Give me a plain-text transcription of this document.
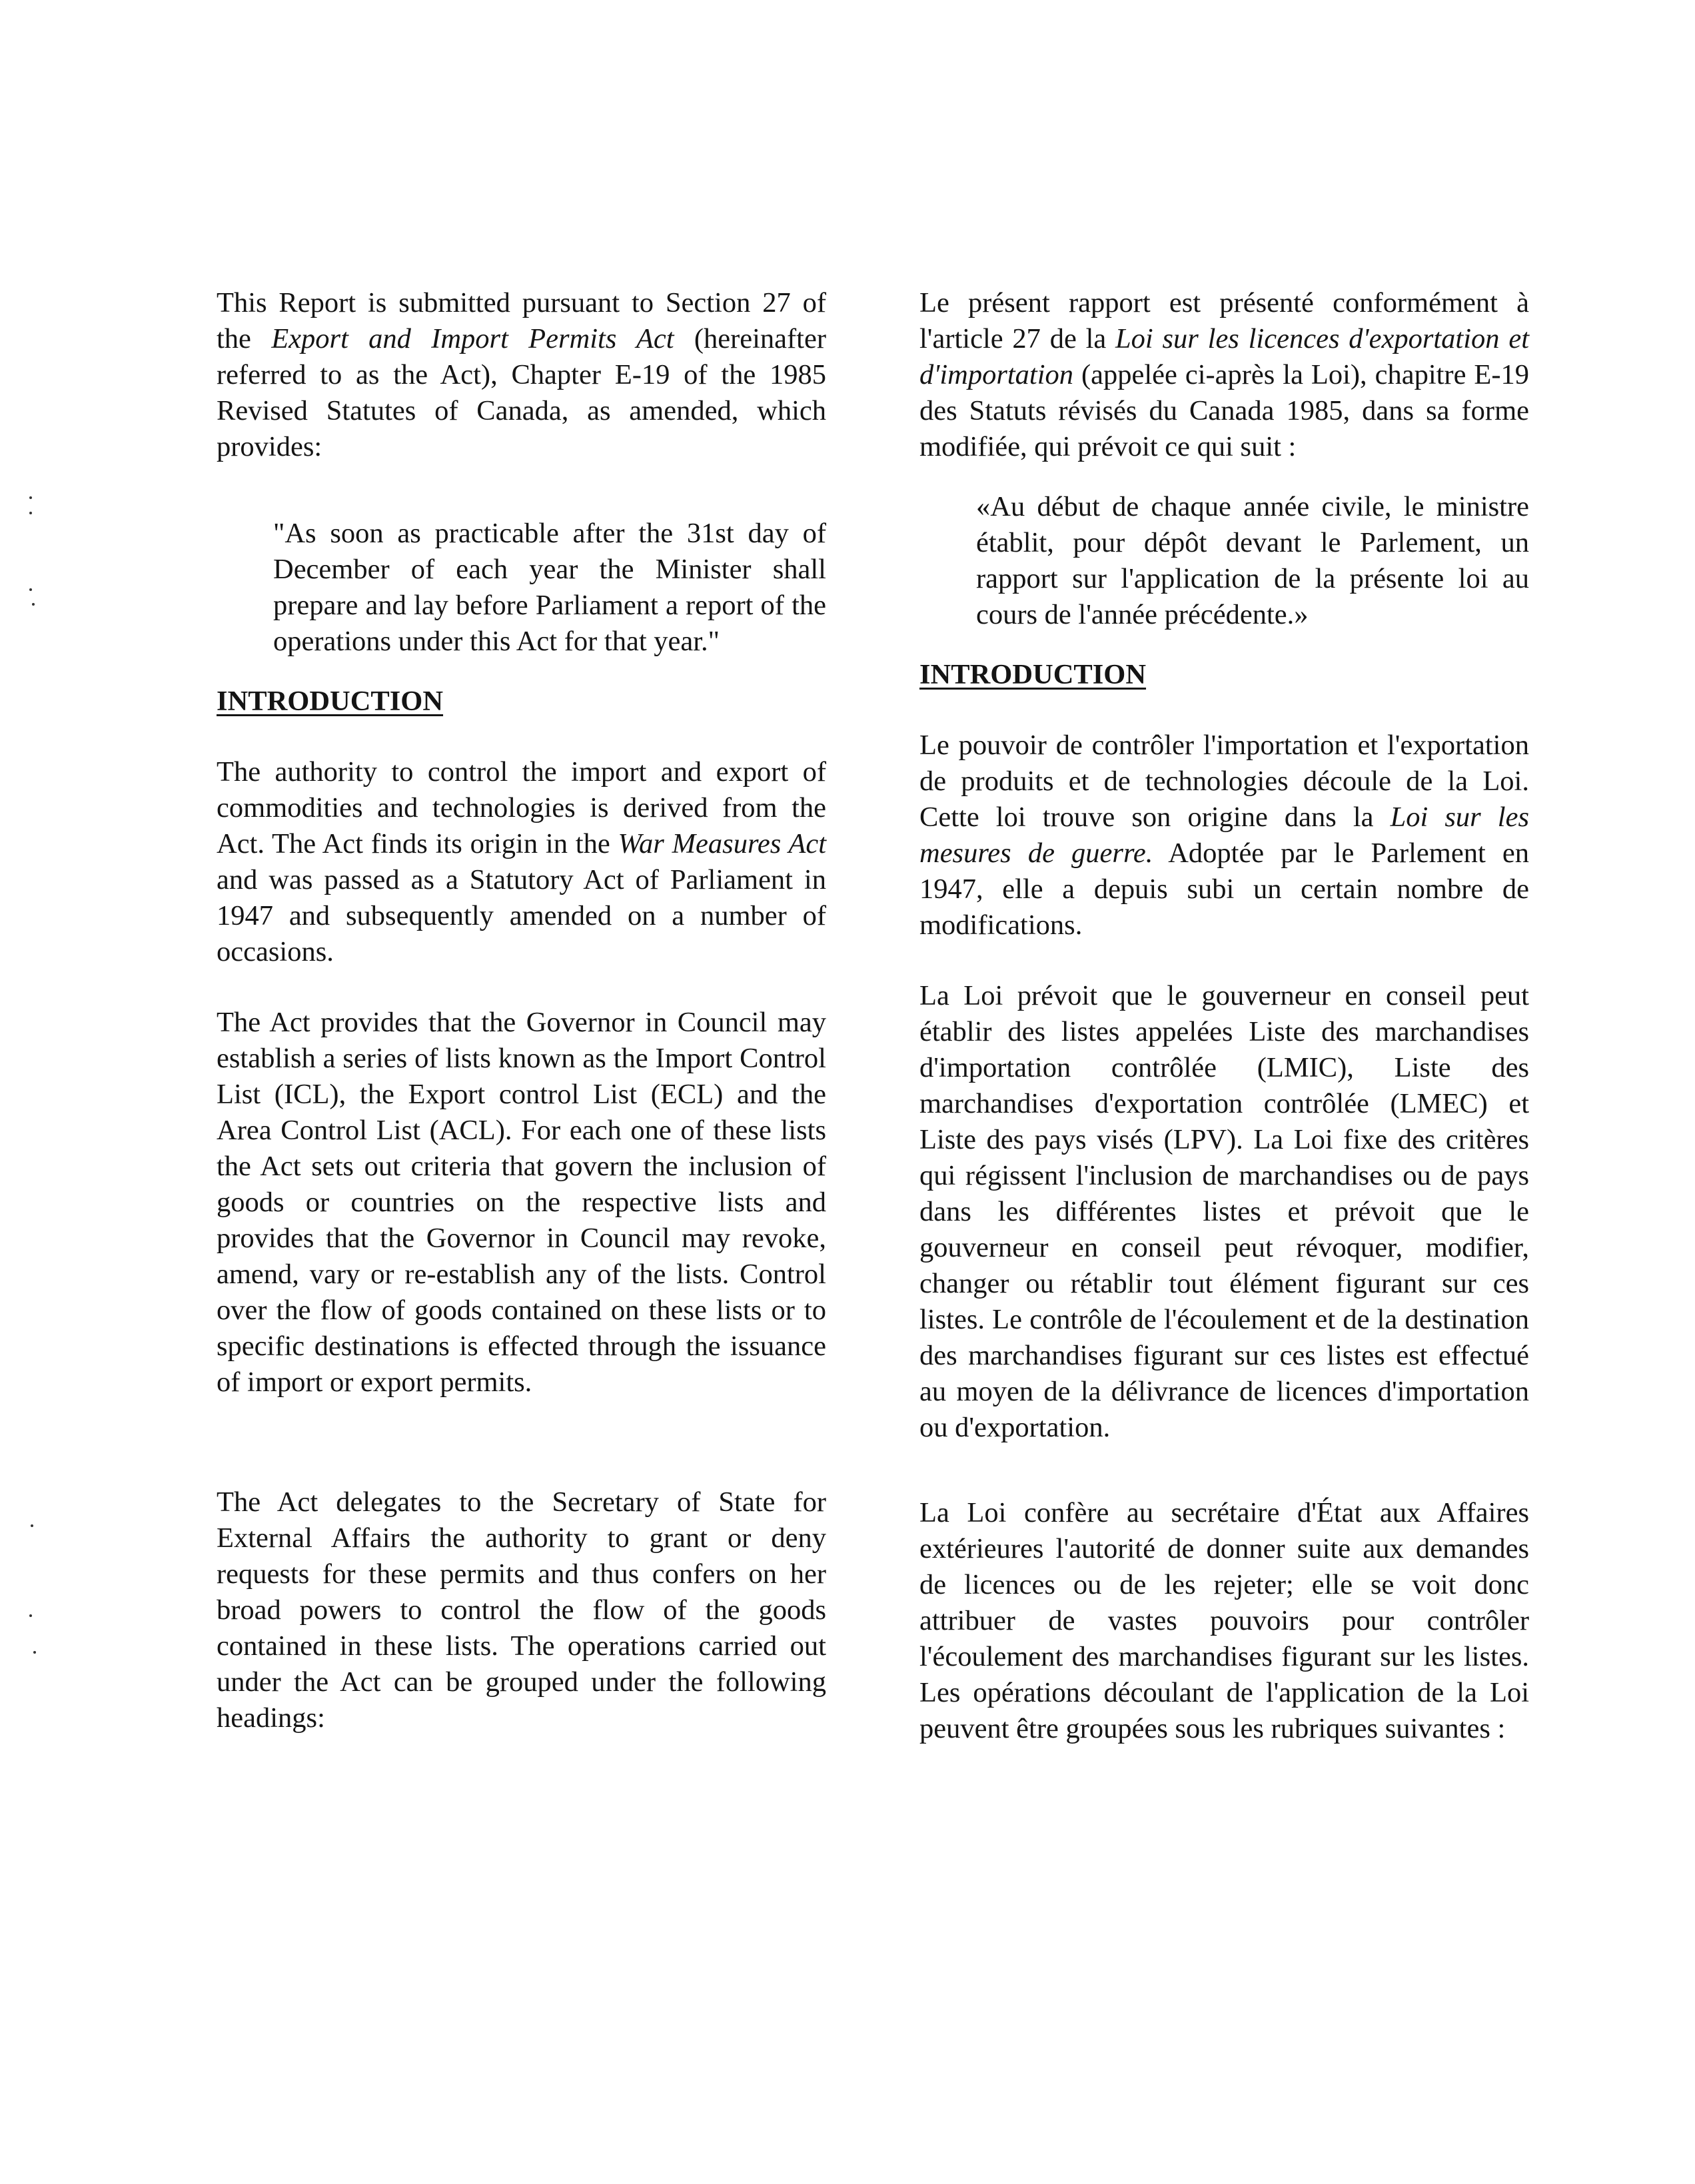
This Report is submitted pursuant to Section 27 of the Export and Import Permits Act (hereinafter referred to as the Act), Chapter E-19 of the 1985 Revised Statutes of Canada, as amended, which provides:

"As soon as practicable after the 31st day of December of each year the Minister shall prepare and lay before Parliament a report of the operations under this Act for that year."

INTRODUCTION

The authority to control the import and export of commodities and technologies is derived from the Act. The Act finds its origin in the War Measures Act and was passed as a Statutory Act of Parliament in 1947 and subsequently amended on a number of occasions.

The Act provides that the Governor in Council may establish a series of lists known as the Import Control List (ICL), the Export control List (ECL) and the Area Control List (ACL). For each one of these lists the Act sets out criteria that govern the inclusion of goods or countries on the respective lists and provides that the Governor in Council may revoke, amend, vary or re-establish any of the lists. Control over the flow of goods contained on these lists or to specific destinations is effected through the issuance of import or export permits.

The Act delegates to the Secretary of State for External Affairs the authority to grant or deny requests for these permits and thus confers on her broad powers to control the flow of the goods contained in these lists. The operations carried out under the Act can be grouped under the following headings:

Le présent rapport est présenté conformément à l'article 27 de la Loi sur les licences d'exportation et d'importation (appelée ci-après la Loi), chapitre E-19 des Statuts révisés du Canada 1985, dans sa forme modifiée, qui prévoit ce qui suit :

«Au début de chaque année civile, le ministre établit, pour dépôt devant le Parlement, un rapport sur l'application de la présente loi au cours de l'année précédente.»

INTRODUCTION

Le pouvoir de contrôler l'importation et l'exportation de produits et de technologies découle de la Loi. Cette loi trouve son origine dans la Loi sur les mesures de guerre. Adoptée par le Parlement en 1947, elle a depuis subi un certain nombre de modifications.

La Loi prévoit que le gouverneur en conseil peut établir des listes appelées Liste des marchandises d'importation contrôlée (LMIC), Liste des marchandises d'exportation contrôlée (LMEC) et Liste des pays visés (LPV). La Loi fixe des critères qui régissent l'inclusion de marchandises ou de pays dans les différentes listes et prévoit que le gouverneur en conseil peut révoquer, modifier, changer ou rétablir tout élément figurant sur ces listes. Le contrôle de l'écoulement et de la destination des marchandises figurant sur ces listes est effectué au moyen de la délivrance de licences d'importation ou d'exportation.

La Loi confère au secrétaire d'État aux Affaires extérieures l'autorité de donner suite aux demandes de licences ou de les rejeter; elle se voit donc attribuer de vastes pouvoirs pour contrôler l'écoulement des marchandises figurant sur les listes. Les opérations découlant de l'application de la Loi peuvent être groupées sous les rubriques suivantes :
